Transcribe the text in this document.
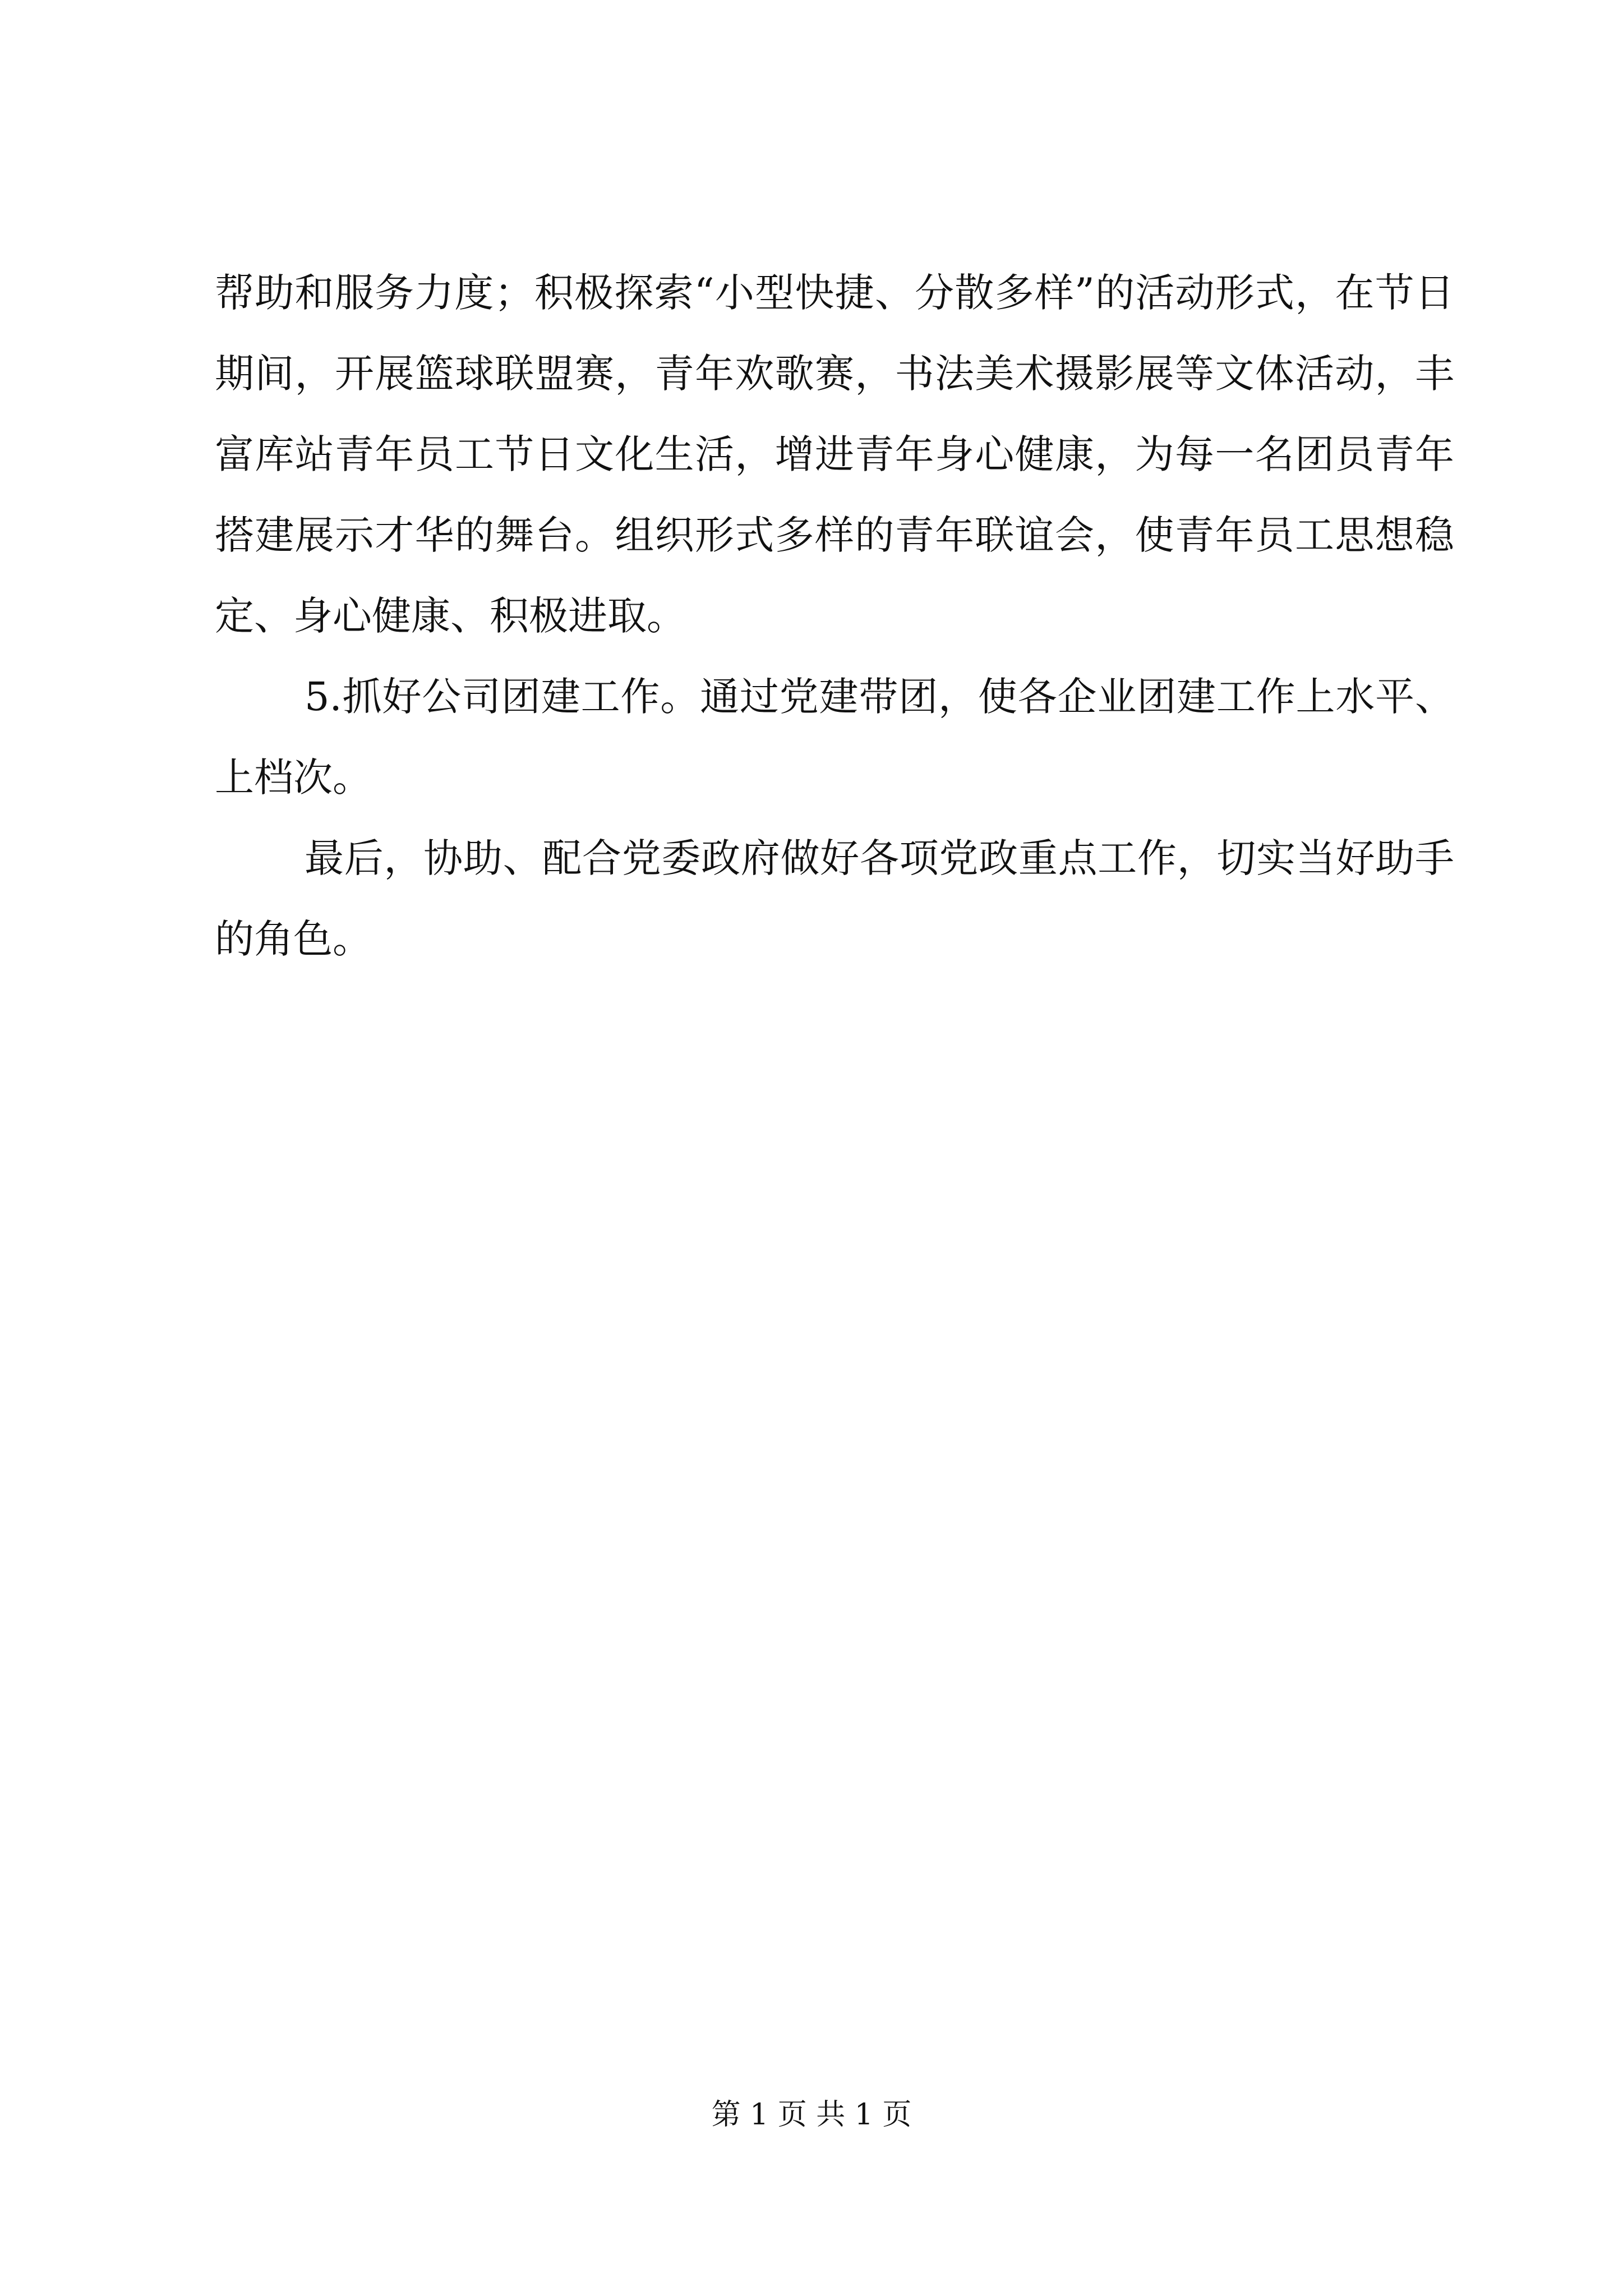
帮助和服务力度；积极探索“小型快捷、分散多样”的活动形式，在节日期间，开展篮球联盟赛，青年欢歌赛，书法美术摄影展等文体活动，丰富库站青年员工节日文化生活，增进青年身心健康，为每一名团员青年搭建展示才华的舞台。组织形式多样的青年联谊会，使青年员工思想稳定、身心健康、积极进取。

5.抓好公司团建工作。通过党建带团，使各企业团建工作上水平、上档次。

最后，协助、配合党委政府做好各项党政重点工作，切实当好助手的角色。

第 1 页 共 1 页
